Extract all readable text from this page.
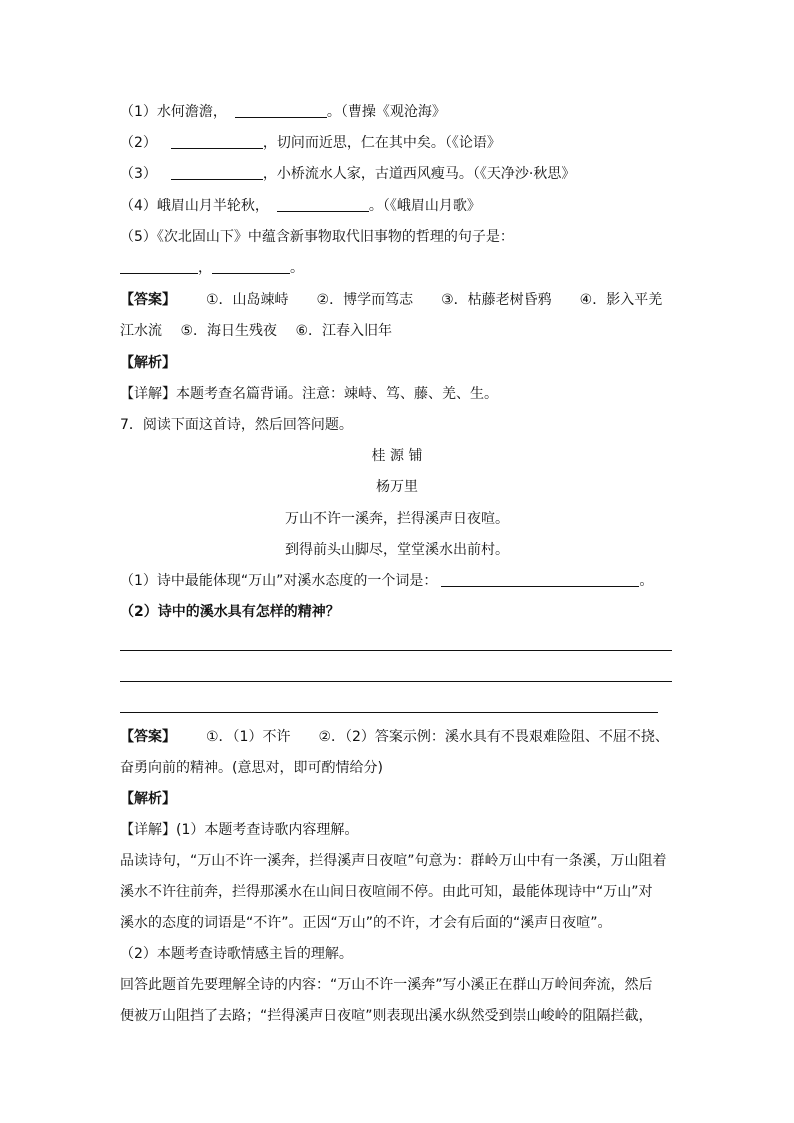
（1）水何澹澹，	。（曹操《观沧海》
（2）	，切问而近思，仁在其中矣。（《论语》
（3）	，小桥流水人家，古道西风瘦马。（《天净沙·秋思》
（4）峨眉山月半轮秋，	。（《峨眉山月歌》
（5）《次北固山下》中蕴含新事物取代旧事物的哲理的句子是：
，	。
【答案】 ①．山岛竦峙　　②．博学而笃志　　③．枯藤老树昏鸦　　④．影入平羌
江水流　 ⑤．海日生残夜　 ⑥．江春入旧年
【解析】
【详解】本题考查名篇背诵。注意：竦峙、笃、藤、羌、生。
7．阅读下面这首诗，然后回答问题。
桂 源 铺
杨万里
万山不许一溪奔，拦得溪声日夜喧。
到得前头山脚尽，堂堂溪水出前村。
（1）诗中最能体现“万山”对溪水态度的一个词是：	。
（2）诗中的溪水具有怎样的精神？
【答案】 ①．（1）不许　　②．（2）答案示例：溪水具有不畏艰难险阻、不屈不挠、
奋勇向前的精神。(意思对，即可酌情给分)
【解析】
【详解】(1）本题考查诗歌内容理解。
品读诗句，“万山不许一溪奔，拦得溪声日夜喧”句意为：群岭万山中有一条溪，万山阻着
溪水不许往前奔，拦得那溪水在山间日夜喧闹不停。由此可知，最能体现诗中“万山”对
溪水的态度的词语是“不许”。正因“万山”的不许，才会有后面的“溪声日夜喧”。
（2）本题考查诗歌情感主旨的理解。
回答此题首先要理解全诗的内容：“万山不许一溪奔”写小溪正在群山万岭间奔流，然后
便被万山阻挡了去路；“拦得溪声日夜喧”则表现出溪水纵然受到崇山峻岭的阻隔拦截，
